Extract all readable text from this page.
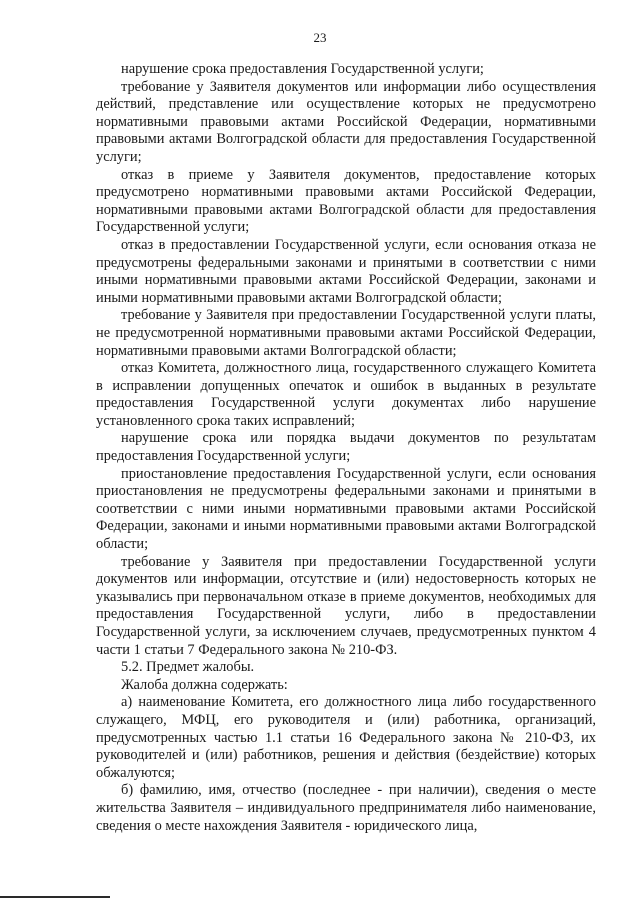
23

нарушение срока предоставления Государственной услуги;

требование у Заявителя документов или информации либо осуществления действий, представление или осуществление которых не предусмотрено нормативными правовыми актами Российской Федерации, нормативными правовыми актами Волгоградской области для предоставления Государственной услуги;

отказ в приеме у Заявителя документов, предоставление которых предусмотрено нормативными правовыми актами Российской Федерации, нормативными правовыми актами Волгоградской области для предоставления Государственной услуги;

отказ в предоставлении Государственной услуги, если основания отказа не предусмотрены федеральными законами и принятыми в соответствии с ними иными нормативными правовыми актами Российской Федерации, законами и иными нормативными правовыми актами Волгоградской области;

требование у Заявителя при предоставлении Государственной услуги платы, не предусмотренной нормативными правовыми актами Российской Федерации, нормативными правовыми актами Волгоградской области;

отказ Комитета, должностного лица, государственного служащего Комитета в исправлении допущенных опечаток и ошибок в выданных в результате предоставления Государственной услуги документах либо нарушение установленного срока таких исправлений;

нарушение срока или порядка выдачи документов по результатам предоставления Государственной услуги;

приостановление предоставления Государственной услуги, если основания приостановления не предусмотрены федеральными законами и принятыми в соответствии с ними иными нормативными правовыми актами Российской Федерации, законами и иными нормативными правовыми актами Волгоградской области;

требование у Заявителя при предоставлении Государственной услуги документов или информации, отсутствие и (или) недостоверность которых не указывались при первоначальном отказе в приеме документов, необходимых для предоставления Государственной услуги, либо в предоставлении Государственной услуги, за исключением случаев, предусмотренных пунктом 4 части 1 статьи 7 Федерального закона № 210-ФЗ.

5.2. Предмет жалобы.

Жалоба должна содержать:

а) наименование Комитета, его должностного лица либо государственного служащего, МФЦ, его руководителя и (или) работника, организаций, предусмотренных частью 1.1 статьи 16 Федерального закона № 210-ФЗ, их руководителей и (или) работников, решения и действия (бездействие) которых обжалуются;

б) фамилию, имя, отчество (последнее - при наличии), сведения о месте жительства Заявителя – индивидуального предпринимателя либо наименование, сведения о месте нахождения Заявителя - юридического лица,
